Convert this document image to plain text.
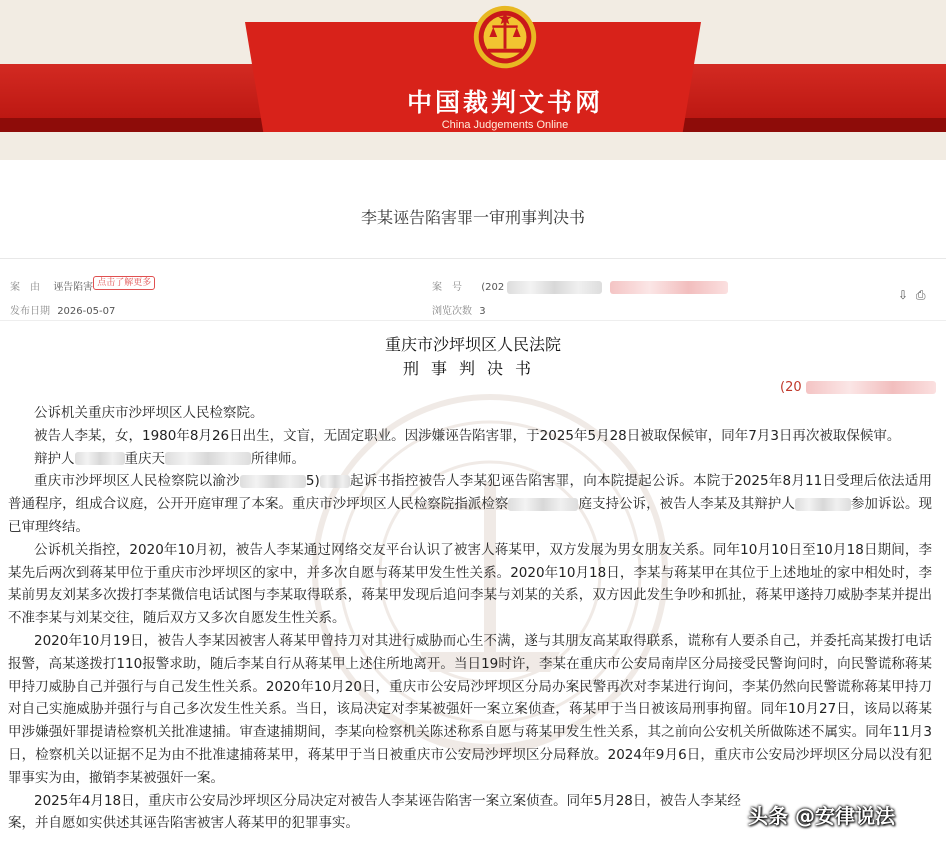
中国裁判文书网
China Judgements Online
李某诬告陷害罪一审刑事判决书
案　由 诬告陷害 点击了解更多	案　号 (202
发布日期 2026-05-07	浏览次数 3
⇩ ⎙
重庆市沙坪坝区人民法院
刑事判决书
(20

公诉机关重庆市沙坪坝区人民检察院。

被告人李某，女，1980年8月26日出生，文盲，无固定职业。因涉嫌诬告陷害罪，于2025年5月28日被取保候审，同年7月3日再次被取保候审。

辩护人	重庆天	所律师。

重庆市沙坪坝区人民检察院以渝沙	5) 起诉书指控被告人李某犯诬告陷害罪，向本院提起公诉。本院于2025年8月11日受理后依法适用普通程序，组成合议庭，公开开庭审理了本案。重庆市沙坪坝区人民检察院指派检察	庭支持公诉，被告人李某及其辩护人	参加诉讼。现已审理终结。

公诉机关指控，2020年10月初，被告人李某通过网络交友平台认识了被害人蒋某甲，双方发展为男女朋友关系。同年10月10日至10月18日期间，李某先后两次到蒋某甲位于重庆市沙坪坝区的家中，并多次自愿与蒋某甲发生性关系。2020年10月18日，李某与蒋某甲在其位于上述地址的家中相处时，李某前男友刘某多次拨打李某微信电话试图与李某取得联系，蒋某甲发现后追问李某与刘某的关系，双方因此发生争吵和抓扯，蒋某甲遂持刀威胁李某并提出不准李某与刘某交往，随后双方又多次自愿发生性关系。

2020年10月19日，被告人李某因被害人蒋某甲曾持刀对其进行威胁而心生不满，遂与其朋友高某取得联系，谎称有人要杀自己，并委托高某拨打电话报警，高某遂拨打110报警求助，随后李某自行从蒋某甲上述住所地离开。当日19时许，李某在重庆市公安局南岸区分局接受民警询问时，向民警谎称蒋某甲持刀威胁自己并强行与自己发生性关系。2020年10月20日，重庆市公安局沙坪坝区分局办案民警再次对李某进行询问，李某仍然向民警谎称蒋某甲持刀对自己实施威胁并强行与自己多次发生性关系。当日，该局决定对李某被强奸一案立案侦查，蒋某甲于当日被该局刑事拘留。同年10月27日，该局以蒋某甲涉嫌强奸罪提请检察机关批准逮捕。审查逮捕期间，李某向检察机关陈述称系自愿与蒋某甲发生性关系，其之前向公安机关所做陈述不属实。同年11月3日，检察机关以证据不足为由不批准逮捕蒋某甲，蒋某甲于当日被重庆市公安局沙坪坝区分局释放。2024年9月6日，重庆市公安局沙坪坝区分局以没有犯罪事实为由，撤销李某被强奸一案。

2025年4月18日，重庆市公安局沙坪坝区分局决定对被告人李某诬告陷害一案立案侦查。同年5月28日，被告人李某经

案，并自愿如实供述其诬告陷害被害人蒋某甲的犯罪事实。	头条 @安律说法
